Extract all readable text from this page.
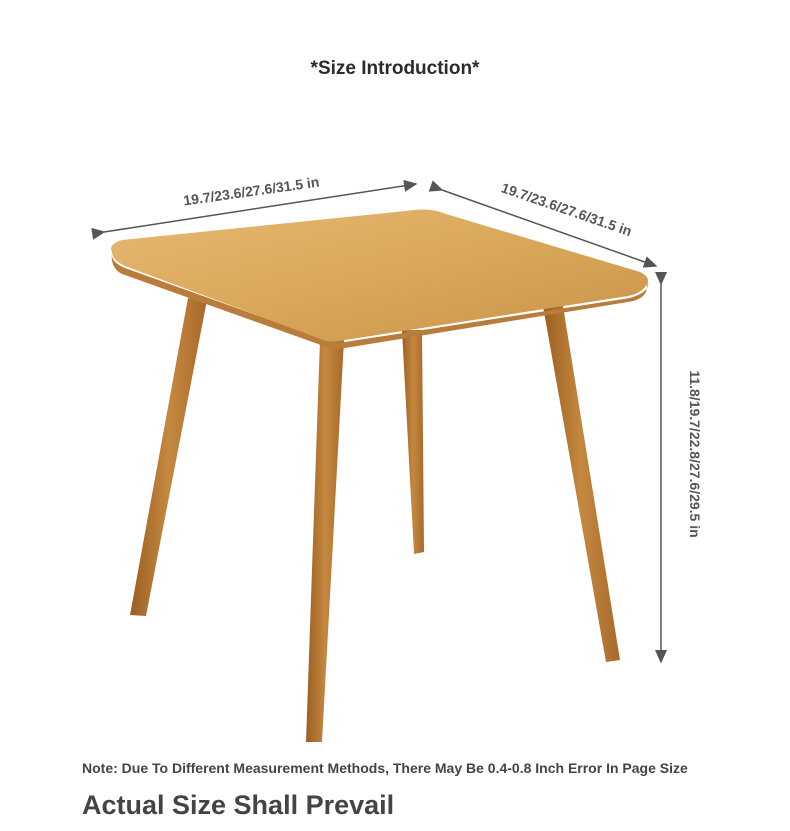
*Size Introduction*
19.7/23.6/27.6/31.5 in	19.7/23.6/27.6/31.5 in
11.8/19.7/22.8/27.6/29.5 in
Note: Due To Different Measurement Methods, There May Be 0.4-0.8 Inch Error In Page Size
Actual Size Shall Prevail
